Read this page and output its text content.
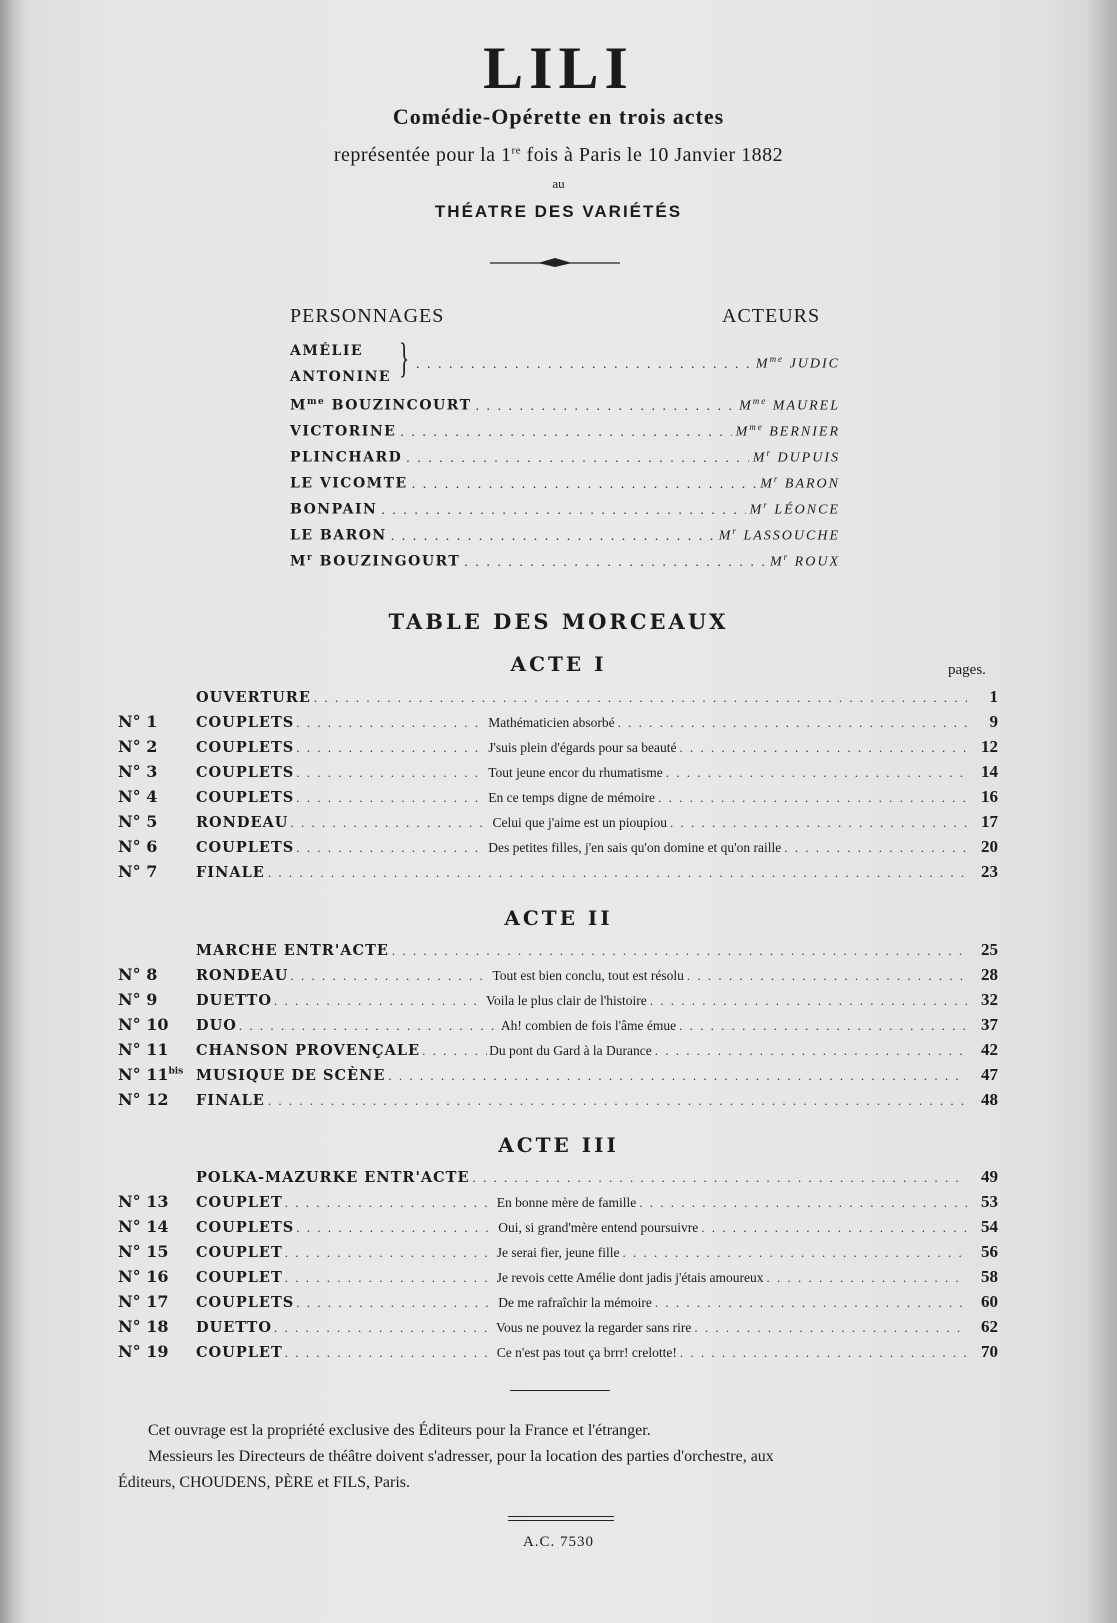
LILI
Comédie-Opérette en trois actes
représentée pour la 1re fois à Paris le 10 Janvier 1882
au
THÉATRE DES VARIÉTÉS
PERSONNAGES	ACTEURS
AMÉLIE
ANTONINE } . . .	$M^{me}$ JUDIC
$M^{me}$ BOUZINCOURT . . .	$M^{me}$ MAUREL
VICTORINE . . .	$M^{me}$ BERNIER
PLINCHARD . . .	$M^r$ DUPUIS
LE VICOMTE . . .	$M^r$ BARON
BONPAIN . . .	$M^r$ LÉONCE
LE BARON . . .	$M^r$ LASSOUCHE
$M^r$ BOUZINGOURT . . .	$M^r$ ROUX
TABLE DES MORCEAUX
ACTE I	pages.
OUVERTURE . . .	1
N° 1	COUPLETS . . .	Mathématicien absorbé . . .	9
N° 2	COUPLETS . . .	J'suis plein d'égards pour sa beauté . . .	12
N° 3	COUPLETS . . .	Tout jeune encor du rhumatisme . . .	14
N° 4	COUPLETS . . .	En ce temps digne de mémoire . . .	16
N° 5	RONDEAU . . .	Celui que j'aime est un pioupiou . . .	17
N° 6	COUPLETS . . .	Des petites filles, j'en sais qu'on domine et qu'on raille . . .	20
N° 7	FINALE . . .	23
ACTE II
MARCHE ENTR'ACTE . . .	25
N° 8	RONDEAU . . .	Tout est bien conclu, tout est résolu . . .	28
N° 9	DUETTO . . .	Voila le plus clair de l'histoire . . .	32
N° 10	DUO . . .	Ah! combien de fois l'âme émue . . .	37
N° 11	CHANSON PROVENÇALE . . .	Du pont du Gard à la Durance . . .	42
N° $11^{bis}$ MUSIQUE DE SCÈNE . . .	47
N° 12	FINALE . . .	48
ACTE III
POLKA-MAZURKE ENTR'ACTE . . .	49
N° 13	COUPLET . . .	En bonne mère de famille . . .	53
N° 14	COUPLETS . . .	Oui, si grand'mère entend poursuivre . . .	54
N° 15	COUPLET . . .	Je serai fier, jeune fille . . .	56
N° 16	COUPLET . . .	Je revois cette Amélie dont jadis j'étais amoureux . . .	58
N° 17	COUPLETS . . .	De me rafraîchir la mémoire . . .	60
N° 18	DUETTO . . .	Vous ne pouvez la regarder sans rire . . .	62
N° 19	COUPLET . . .	Ce n'est pas tout ça brrr! crelotte! . . .	70
Cet ouvrage est la propriété exclusive des Éditeurs pour la France et l'étranger.
Messieurs les Directeurs de théâtre doivent s'adresser, pour la location des parties d'orchestre, aux
Éditeurs, CHOUDENS, PÈRE et FILS, Paris.
A.C. 7530
